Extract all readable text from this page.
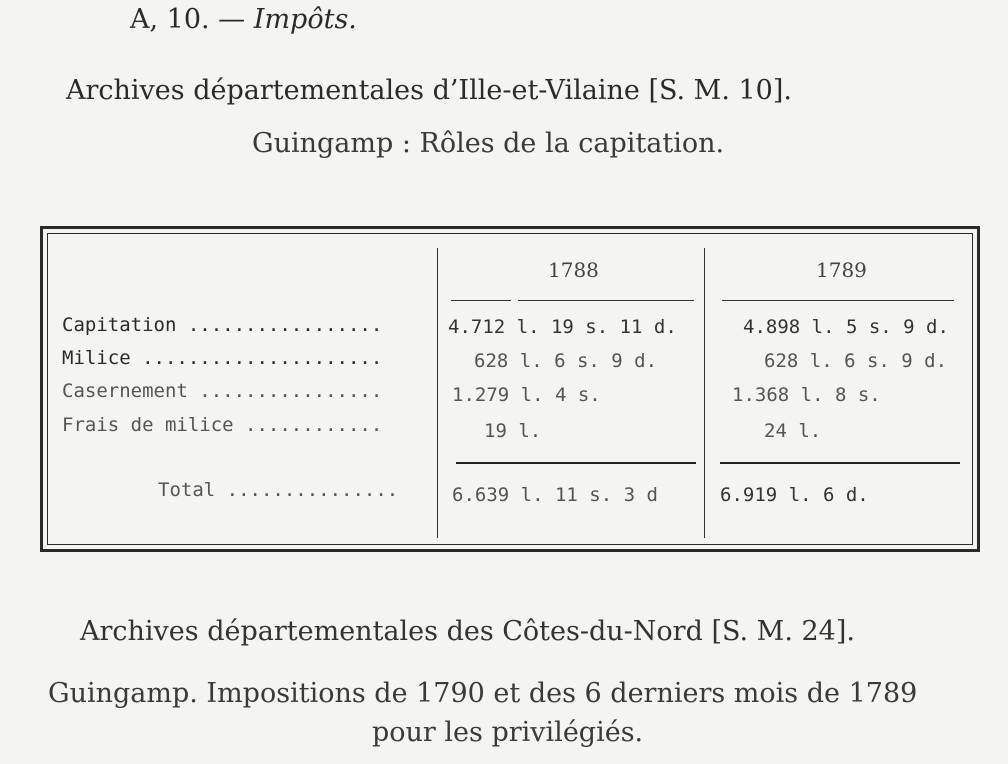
A, 10. — Impôts.
Archives départementales d’Ille-et-Vilaine [S. M. 10].
Guingamp : Rôles de la capitation.
1788	1789
Capitation .................	4.712 l. 19 s. 11 d.	4.898 l. 5 s. 9 d.
Milice .....................	628 l. 6 s. 9 d.	628 l. 6 s. 9 d.
Casernement ................	1.279 l. 4 s.	1.368 l. 8 s.
Frais de milice ............	19 l.	24 l.
Total ...............	6.639 l. 11 s. 3 d	6.919 l. 6 d.
Archives départementales des Côtes-du-Nord [S. M. 24].
Guingamp. Impositions de 1790 et des 6 derniers mois de 1789
pour les privilégiés.
